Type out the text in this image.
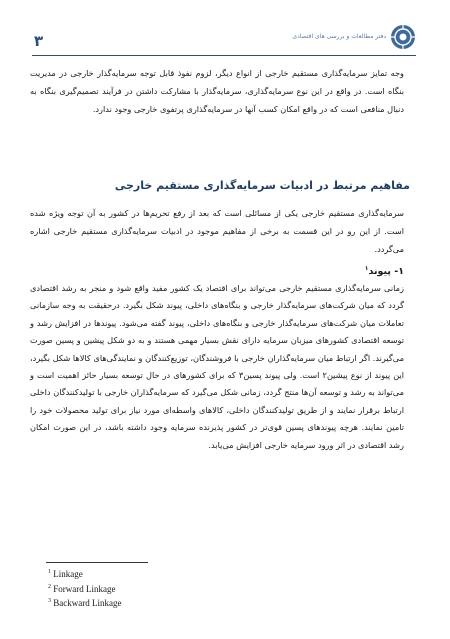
۳	دفتر مطالعات و بررسی های اقتصادی
وجه تمایز سرمایه‌گذاری مستقیم خارجی از انواع دیگر، لزوم نفوذ قابل توجه سرمایه‌گذار خارجی در مدیریت بنگاه است. در واقع در این نوع سرمایه‌گذاری، سرمایه‌گذار با مشارکت داشتن در فرآیند تصمیم‌گیری بنگاه به دنبال منافعی است که در واقع امکان کسب آنها در سرمایه‌گذاری پرتفوی خارجی وجود ندارد.
مفاهیم مرتبط در ادبیات سرمایه‌گذاری مستقیم خارجی
سرمایه‌گذاری مستقیم خارجی یکی از مسائلی است که بعد از رفع تحریم‌ها در کشور به آن توجه ویژه شده است. از این رو در این قسمت به برخی از مفاهیم موجود در ادبیات سرمایه‌گذاری مستقیم خارجی اشاره می‌گردد.
۱- پیوند$^۱$
زمانی سرمایه‌گذاری مستقیم خارجی می‌تواند برای اقتصاد یک کشور مفید واقع شود و منجر به رشد اقتصادی گردد که میان شرکت‌های سرمایه‌گذار خارجی و بنگاه‌های داخلی، پیوند شکل بگیرد. درحقیقت به وجه سازمانی تعاملات میان شرکت‌های سرمایه‌گذار خارجی و بنگاه‌های داخلی، پیوند گفته می‌شود. پیوندها در افزایش رشد و توسعه اقتصادی کشورهای میزبان سرمایه دارای نقش بسیار مهمی هستند و به دو شکل پیشین و پسین صورت می‌گیرند. اگر ارتباط میان سرمایه‌گذاران خارجی با فروشندگان، توزیع‌کنندگان و نمایندگی‌های کالاها شکل بگیرد، این پیوند از نوع پیشین۲ است. ولی پیوند پسین۳ که برای کشورهای در حال توسعه بسیار حائز اهمیت است و می‌تواند به رشد و توسعه آن‌ها منتج گردد، زمانی شکل می‌گیرد که سرمایه‌گذاران خارجی با تولیدکنندگان داخلی ارتباط برقرار نمایند و از طریق تولیدکنندگان داخلی، کالاهای واسطه‌ای مورد نیاز برای تولید محصولات خود را تامین نمایند. هرچه پیوندهای پسین قوی‌تر در کشور پذیرنده سرمایه وجود داشته باشد، در این صورت امکان رشد اقتصادی در اثر ورود سرمایه خارجی افزایش می‌یابد.
$^1$ Linkage
$^2$ Forward Linkage
$^3$ Backward Linkage
